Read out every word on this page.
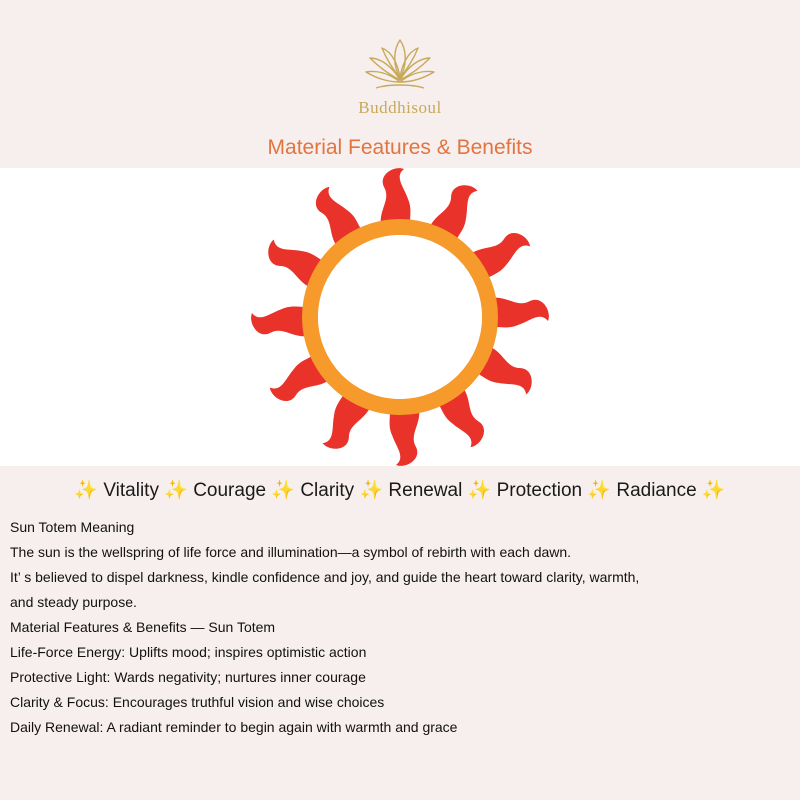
Buddhisoul
Material Features & Benefits
✨ Vitality ✨ Courage ✨ Clarity ✨ Renewal ✨ Protection ✨ Radiance ✨
Sun Totem Meaning
The sun is the wellspring of life force and illumination—a symbol of rebirth with each dawn.
It’ s believed to dispel darkness, kindle confidence and joy, and guide the heart toward clarity, warmth,
and steady purpose.
Material Features & Benefits — Sun Totem
Life-Force Energy: Uplifts mood; inspires optimistic action
Protective Light: Wards negativity; nurtures inner courage
Clarity & Focus: Encourages truthful vision and wise choices
Daily Renewal: A radiant reminder to begin again with warmth and grace
